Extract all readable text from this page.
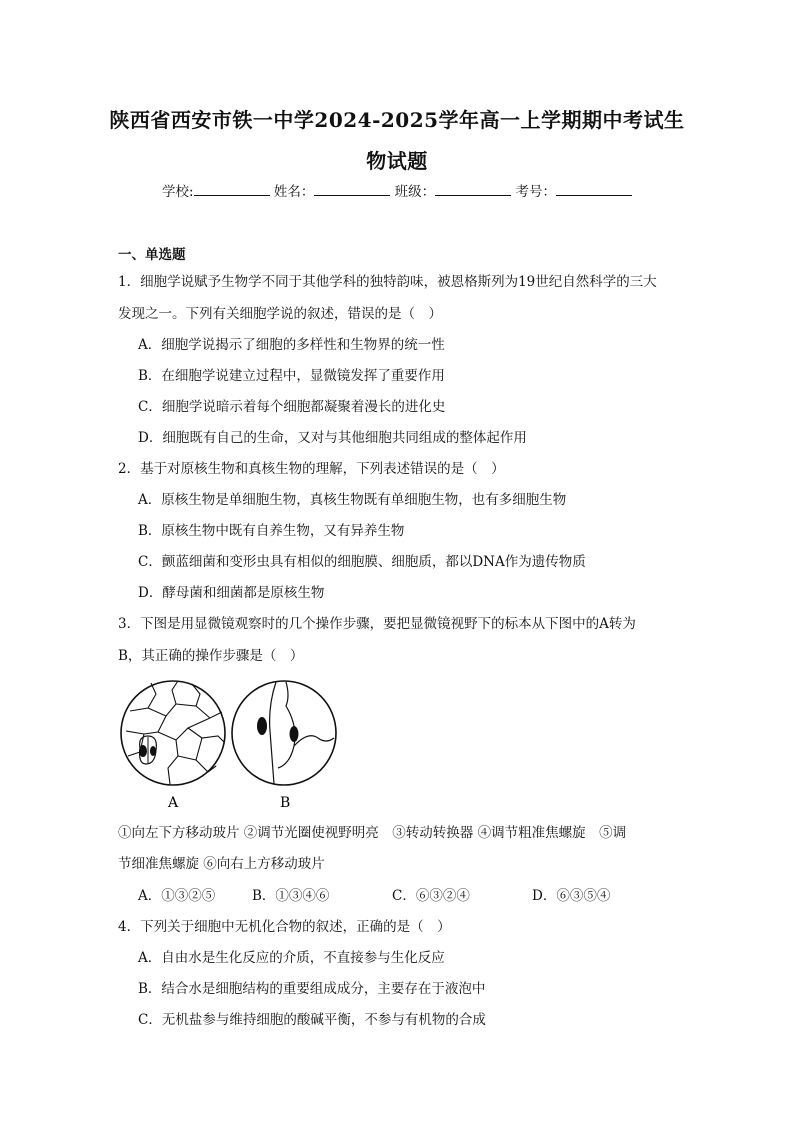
陕西省西安市铁一中学2024-2025学年高一上学期期中考试生
物试题
学校:	姓名：	班级：	考号：
一、单选题
1．细胞学说赋予生物学不同于其他学科的独特韵味，被恩格斯列为19世纪自然科学的三大
发现之一。下列有关细胞学说的叙述，错误的是（　）
A．细胞学说揭示了细胞的多样性和生物界的统一性
B．在细胞学说建立过程中，显微镜发挥了重要作用
C．细胞学说暗示着每个细胞都凝聚着漫长的进化史
D．细胞既有自己的生命，又对与其他细胞共同组成的整体起作用
2．基于对原核生物和真核生物的理解，下列表述错误的是（　）
A．原核生物是单细胞生物，真核生物既有单细胞生物，也有多细胞生物
B．原核生物中既有自养生物，又有异养生物
C．颤蓝细菌和变形虫具有相似的细胞膜、细胞质，都以DNA作为遗传物质
D．酵母菌和细菌都是原核生物
3．下图是用显微镜观察时的几个操作步骤，要把显微镜视野下的标本从下图中的A转为
B，其正确的操作步骤是（　）
A	B
①向左下方移动玻片 ②调节光圈使视野明亮　③转动转换器 ④调节粗准焦螺旋　⑤调
节细准焦螺旋 ⑥向右上方移动玻片
A．①③②⑤	B．①③④⑥	C．⑥③②④	D．⑥③⑤④
4．下列关于细胞中无机化合物的叙述，正确的是（　）
A．自由水是生化反应的介质，不直接参与生化反应
B．结合水是细胞结构的重要组成成分，主要存在于液泡中
C．无机盐参与维持细胞的酸碱平衡，不参与有机物的合成
